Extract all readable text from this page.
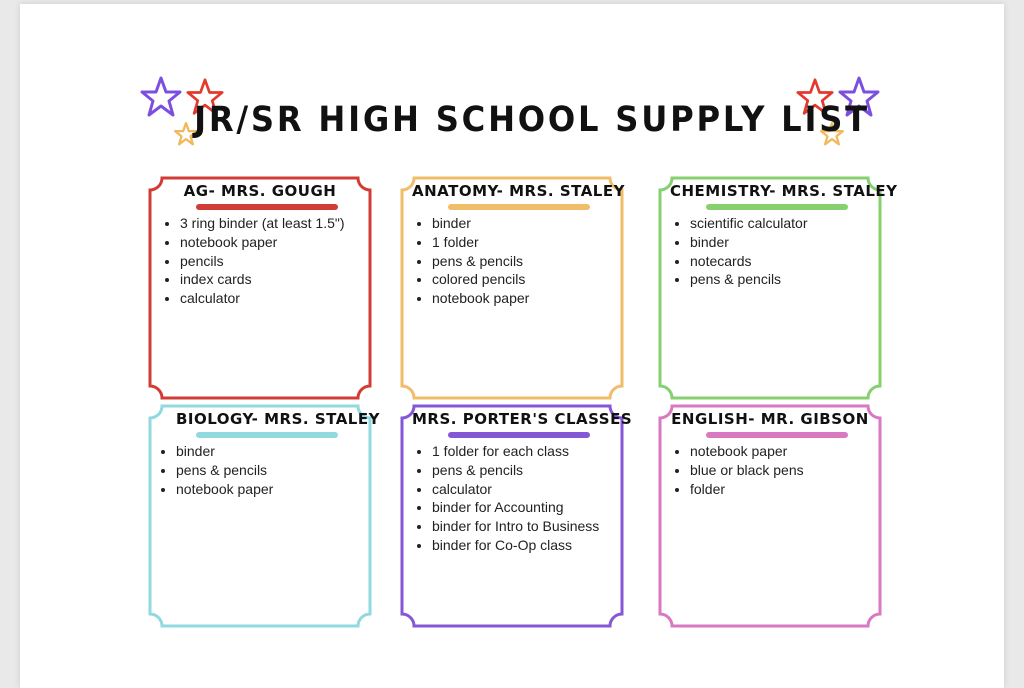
JR/SR HIGH SCHOOL SUPPLY LIST
AG- MRS. GOUGH
• 3 ring binder (at least 1.5")
• notebook paper
• pencils
• index cards
• calculator
ANATOMY- MRS. STALEY
• binder
• 1 folder
• pens & pencils
• colored pencils
• notebook paper
CHEMISTRY- MRS. STALEY
• scientific calculator
• binder
• notecards
• pens & pencils
BIOLOGY- MRS. STALEY
• binder
• pens & pencils
• notebook paper
MRS. PORTER'S CLASSES
• 1 folder for each class
• pens & pencils
• calculator
• binder for Accounting
• binder for Intro to Business
• binder for Co-Op class
ENGLISH- MR. GIBSON
• notebook paper
• blue or black pens
• folder
